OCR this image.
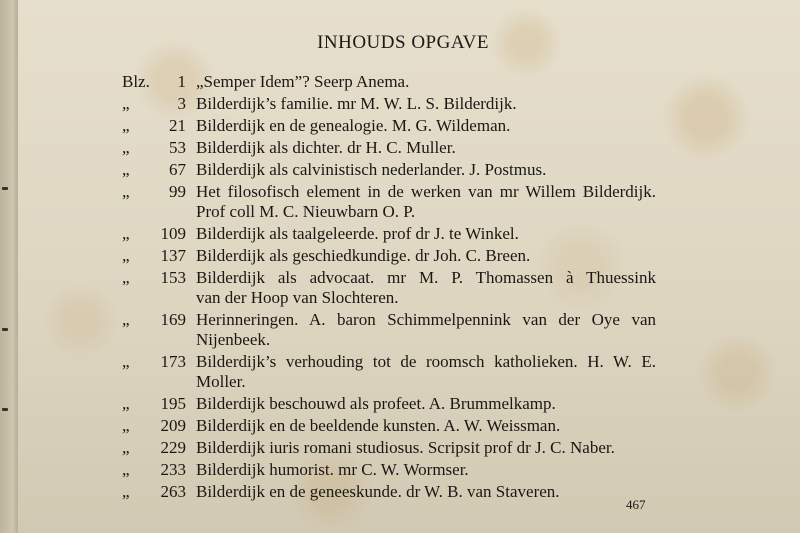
INHOUDS OPGAVE
Blz. 1 „Semper Idem”? Seerp Anema.
„	3 Bilderdijk’s familie. mr M. W. L. S. Bilderdijk.
„ 21 Bilderdijk en de genealogie. M. G. Wildeman.
„ 53 Bilderdijk als dichter. dr H. C. Muller.
„ 67 Bilderdijk als calvinistisch nederlander. J. Postmus.
„ 99 Het filosofisch element in de werken van mr Willem Bilderdijk.
Prof coll M. C. Nieuwbarn O. P.
„ 109 Bilderdijk als taalgeleerde. prof dr J. te Winkel.
„ 137 Bilderdijk als geschiedkundige. dr Joh. C. Breen.
„ 153 Bilderdijk als advocaat. mr M. P. Thomassen à Thuessink
van der Hoop van Slochteren.
„ 169 Herinneringen. A. baron Schimmelpennink van der Oye van
Nijenbeek.
„ 173 Bilderdijk’s verhouding tot de roomsch katholieken. H. W. E.
Moller.
„ 195 Bilderdijk beschouwd als profeet. A. Brummelkamp.
„ 209 Bilderdijk en de beeldende kunsten. A. W. Weissman.
„ 229 Bilderdijk iuris romani studiosus. Scripsit prof dr J. C. Naber.
„ 233 Bilderdijk humorist. mr C. W. Wormser.
„ 263 Bilderdijk en de geneeskunde. dr W. B. van Staveren.
467
